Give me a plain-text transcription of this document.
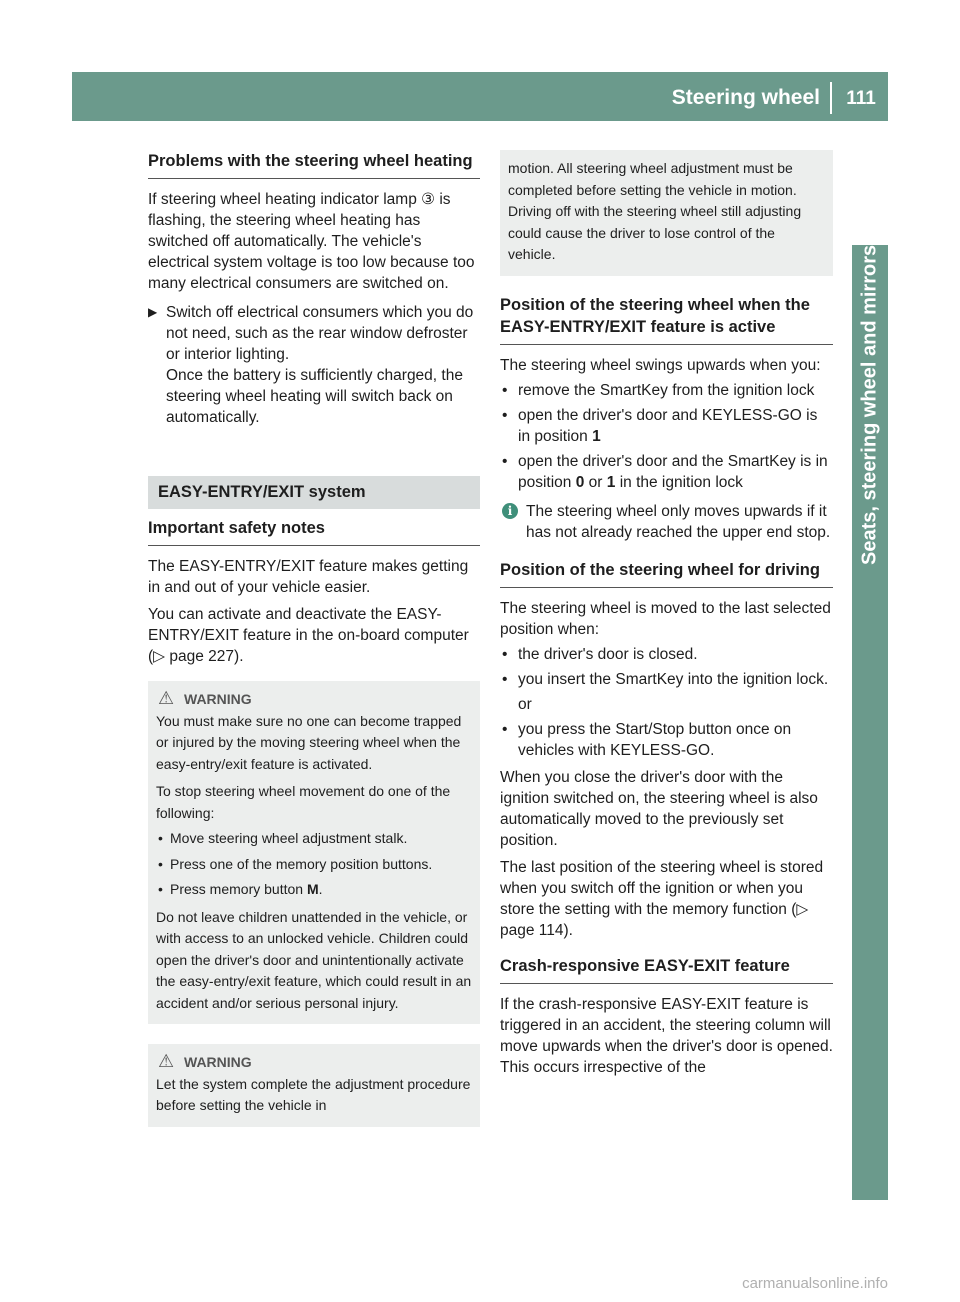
Steering wheel	111
Seats, steering wheel and mirrors
Problems with the steering wheel heating

If steering wheel heating indicator lamp ③ is flashing, the steering wheel heating has switched off automatically. The vehicle's electrical system voltage is too low because too many electrical consumers are switched on.

▶ Switch off electrical consumers which you do not need, such as the rear window defroster or interior lighting.
Once the battery is sufficiently charged, the steering wheel heating will switch back on automatically.
EASY-ENTRY/EXIT system
Important safety notes

The EASY-ENTRY/EXIT feature makes getting in and out of your vehicle easier.

You can activate and deactivate the EASY-ENTRY/EXIT feature in the on-board computer (▷ page 227).

⚠ WARNING

You must make sure no one can become trapped or injured by the moving steering wheel when the easy-entry/exit feature is activated.

To stop steering wheel movement do one of the following:

• Move steering wheel adjustment stalk.
• Press one of the memory position buttons.
• Press memory button M.

Do not leave children unattended in the vehicle, or with access to an unlocked vehicle. Children could open the driver's door and unintentionally activate the easy-entry/exit feature, which could result in an accident and/or serious personal injury.

⚠ WARNING

Let the system complete the adjustment procedure before setting the vehicle in

motion. All steering wheel adjustment must be completed before setting the vehicle in motion. Driving off with the steering wheel still adjusting could cause the driver to lose control of the vehicle.

Position of the steering wheel when the EASY-ENTRY/EXIT feature is active

The steering wheel swings upwards when you:

• remove the SmartKey from the ignition lock
• open the driver's door and KEYLESS-GO is in position 1
• open the driver's door and the SmartKey is in position 0 or 1 in the ignition lock
i The steering wheel only moves upwards if it has not already reached the upper end stop.
Position of the steering wheel for driving

The steering wheel is moved to the last selected position when:

• the driver's door is closed.
• you insert the SmartKey into the ignition lock.

or

• you press the Start/Stop button once on vehicles with KEYLESS-GO.

When you close the driver's door with the ignition switched on, the steering wheel is also automatically moved to the previously set position.

The last position of the steering wheel is stored when you switch off the ignition or when you store the setting with the memory function (▷ page 114).

Crash-responsive EASY-EXIT feature

If the crash-responsive EASY-EXIT feature is triggered in an accident, the steering column will move upwards when the driver's door is opened. This occurs irrespective of the

carmanualsonline.info
